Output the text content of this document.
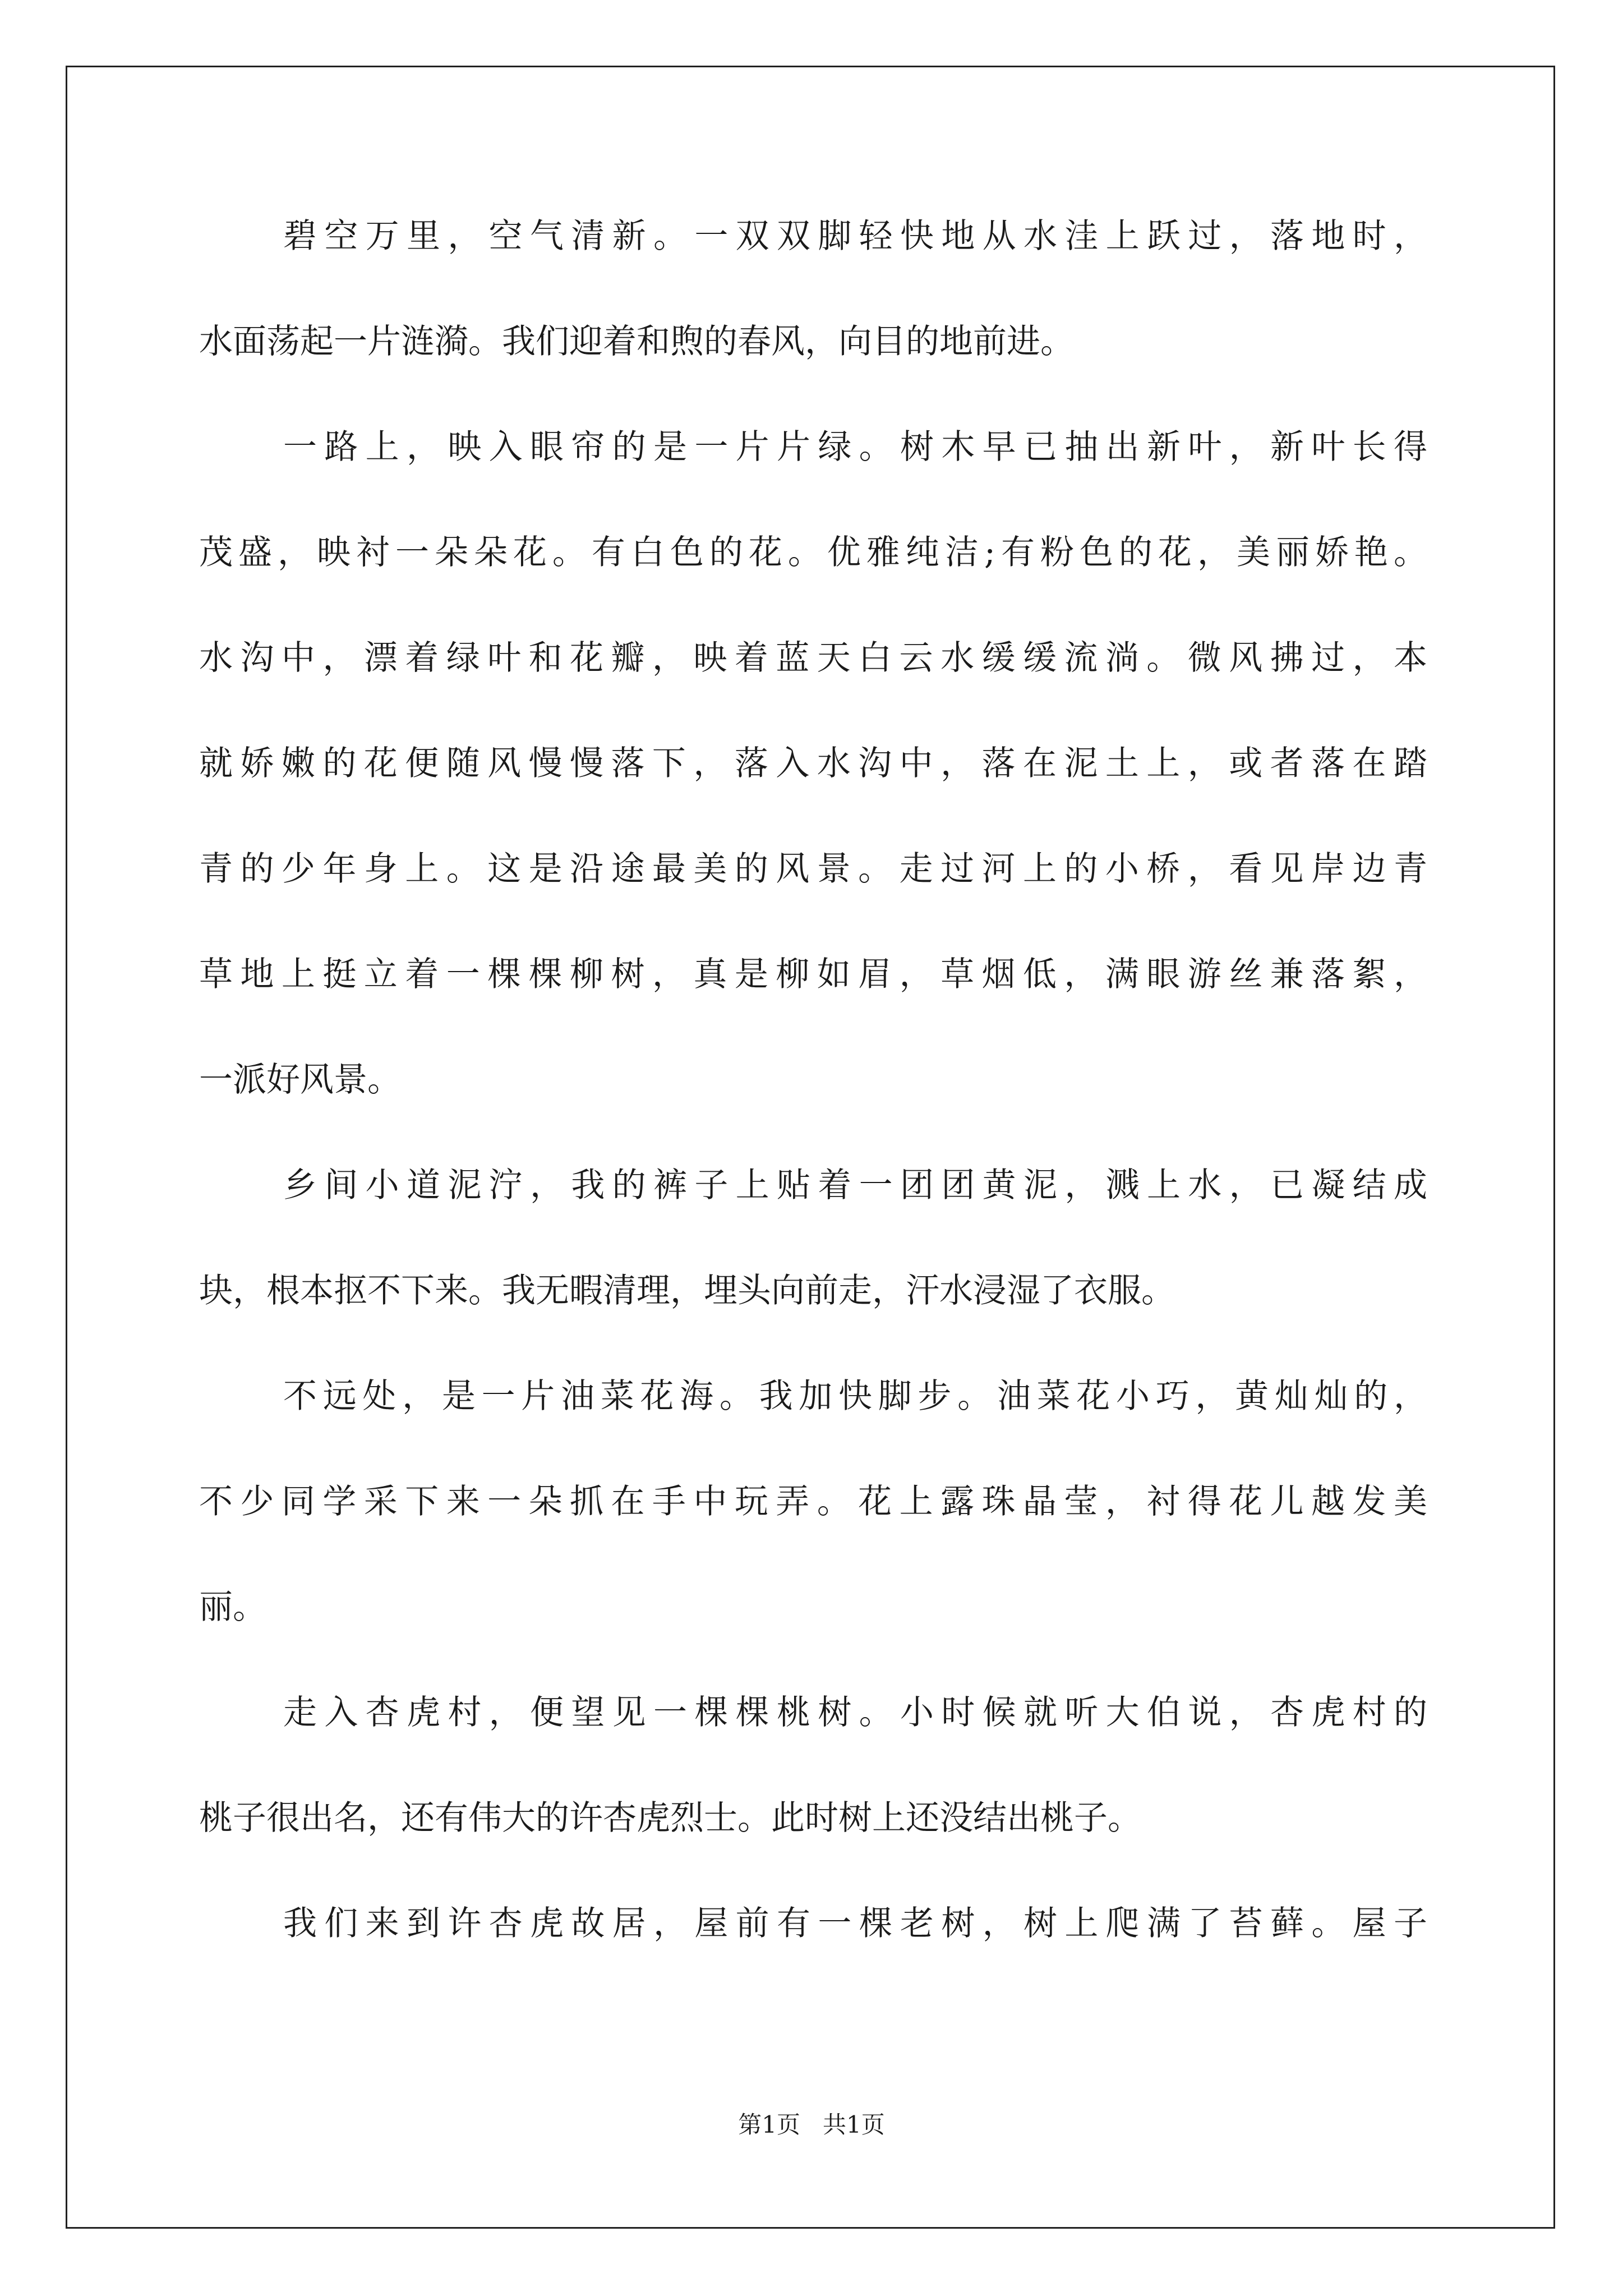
碧空万里，空气清新。一双双脚轻快地从水洼上跃过，落地时，
水面荡起一片涟漪。我们迎着和煦的春风，向目的地前进。
一路上，映入眼帘的是一片片绿。树木早已抽出新叶，新叶长得
茂盛，映衬一朵朵花。有白色的花。优雅纯洁;有粉色的花，美丽娇艳。
水沟中，漂着绿叶和花瓣，映着蓝天白云水缓缓流淌。微风拂过，本
就娇嫩的花便随风慢慢落下，落入水沟中，落在泥土上，或者落在踏
青的少年身上。这是沿途最美的风景。走过河上的小桥，看见岸边青
草地上挺立着一棵棵柳树，真是柳如眉，草烟低，满眼游丝兼落絮，
一派好风景。
乡间小道泥泞，我的裤子上贴着一团团黄泥，溅上水，已凝结成
块，根本抠不下来。我无暇清理，埋头向前走，汗水浸湿了衣服。
不远处，是一片油菜花海。我加快脚步。油菜花小巧，黄灿灿的，
不少同学采下来一朵抓在手中玩弄。花上露珠晶莹，衬得花儿越发美
丽。
走入杏虎村，便望见一棵棵桃树。小时候就听大伯说，杏虎村的
桃子很出名，还有伟大的许杏虎烈士。此时树上还没结出桃子。
我们来到许杏虎故居，屋前有一棵老树，树上爬满了苔藓。屋子
第1页 共1页
